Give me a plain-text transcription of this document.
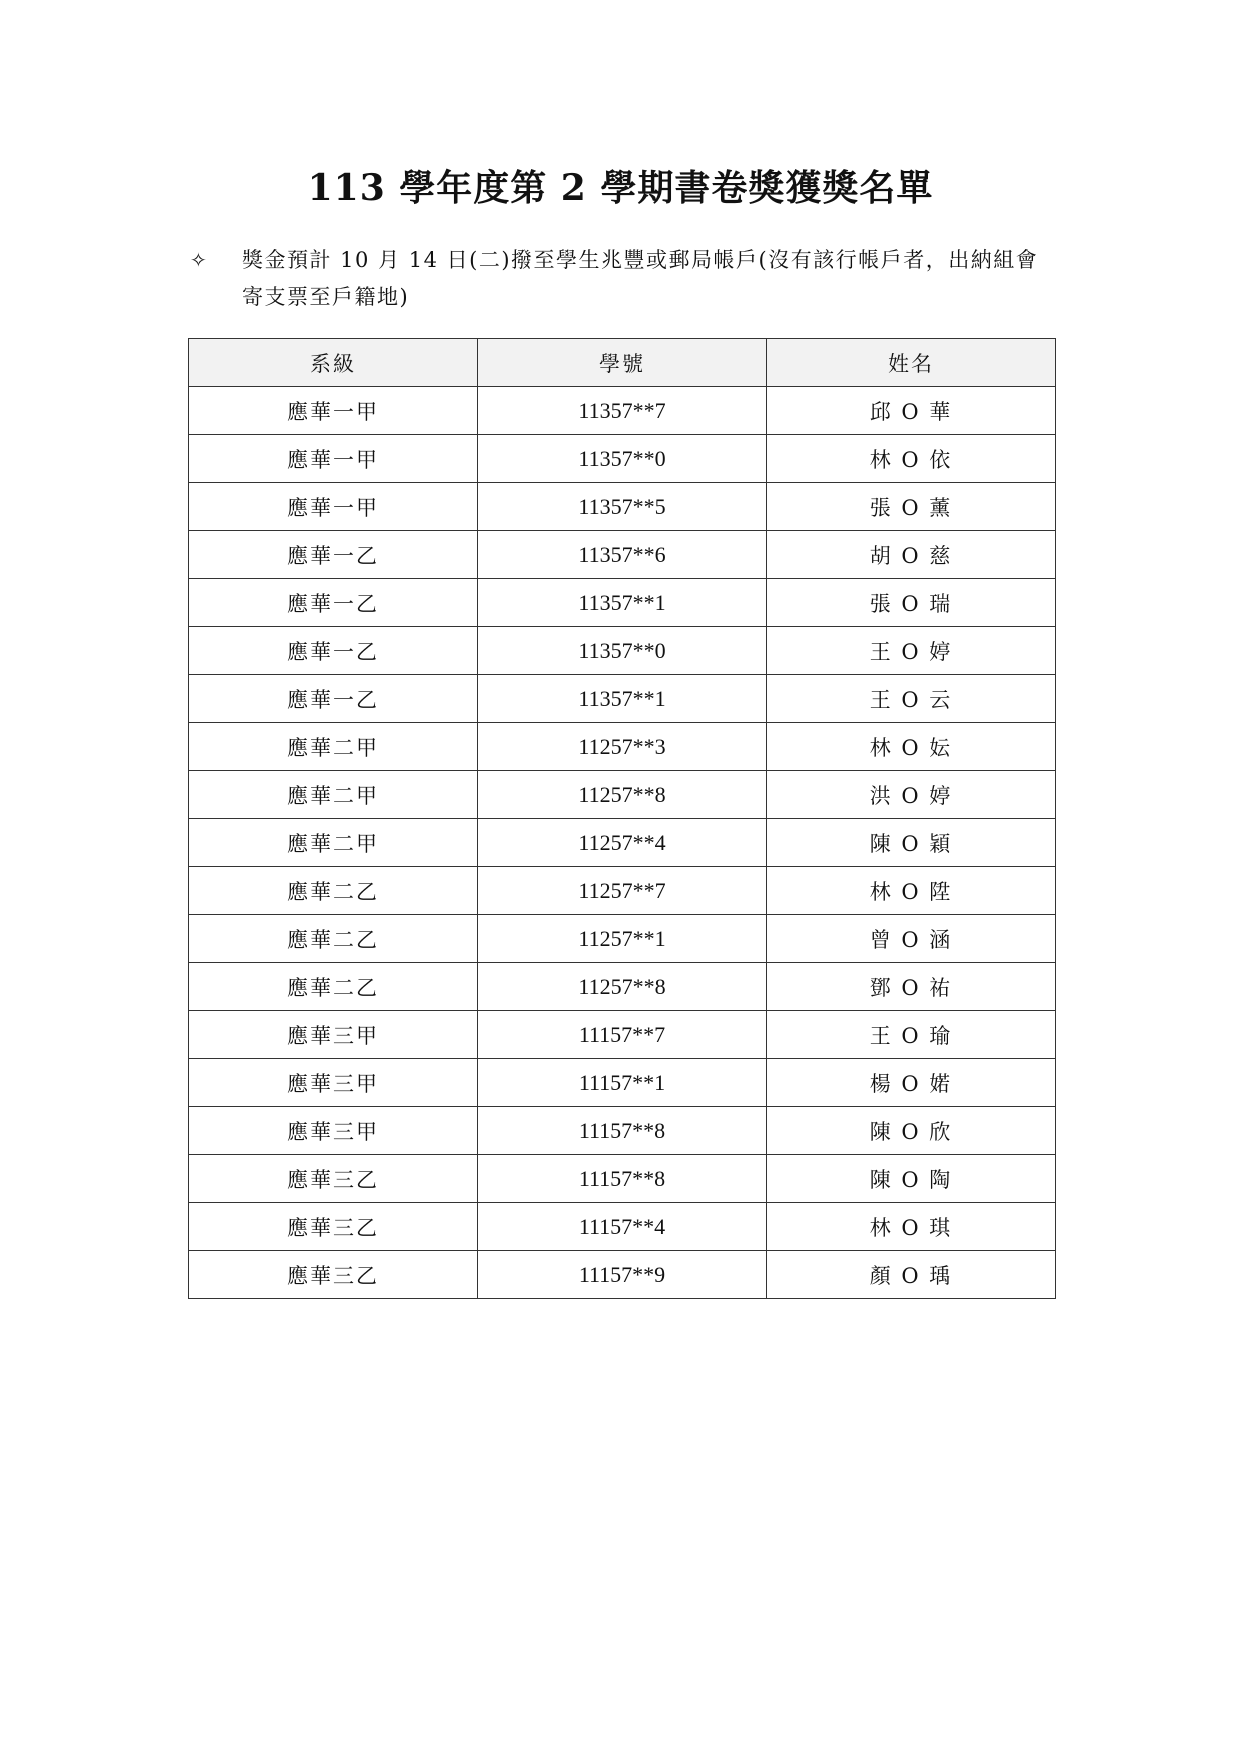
113 學年度第 2 學期書卷獎獲獎名單
✧ 獎金預計 10 月 14 日(二)撥至學生兆豐或郵局帳戶(沒有該行帳戶者，出納組會寄支票至戶籍地)
系級	學號	姓名
應華一甲	11357**7	邱 O 華
應華一甲	11357**0	林 O 依
應華一甲	11357**5	張 O 薰
應華一乙	11357**6	胡 O 慈
應華一乙	11357**1	張 O 瑞
應華一乙	11357**0	王 O 婷
應華一乙	11357**1	王 O 云
應華二甲	11257**3	林 O 妘
應華二甲	11257**8	洪 O 婷
應華二甲	11257**4	陳 O 穎
應華二乙	11257**7	林 O 陞
應華二乙	11257**1	曾 O 涵
應華二乙	11257**8	鄧 O 祐
應華三甲	11157**7	王 O 瑜
應華三甲	11157**1	楊 O 婼
應華三甲	11157**8	陳 O 欣
應華三乙	11157**8	陳 O 陶
應華三乙	11157**4	林 O 琪
應華三乙	11157**9	顏 O 瑀
